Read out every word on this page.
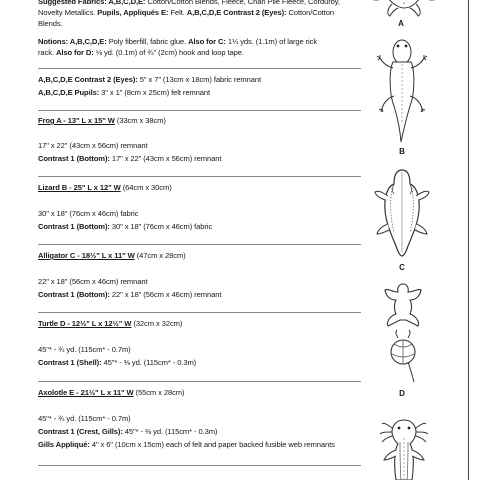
Suggested Fabrics: A,B,C,D,E: Cotton/Cotton Blends, Fleece, Chan Pile Fleece, Corduroy,
Novelty Metallics. Pupils, Appliqués E: Felt. A,B,C,D,E Contrast 2 (Eyes): Cotton/Cotton
Blends.
Notions: A,B,C,D,E: Poly fiberfill, fabric glue. Also for C: 1¼ yds. (1.1m) of large rick
rack. Also for D: ⅛ yd. (0.1m) of ¾" (2cm) hook and loop tape.
A,B,C,D,E Contrast 2 (Eyes): 5" x 7" (13cm x 18cm) fabric remnant
A,B,C,D,E Pupils: 3" x 1" (8cm x 25cm) felt remnant
Frog A - 13" L x 15" W (33cm x 38cm)
17" x 22" (43cm x 56cm) remnant
Contrast 1 (Bottom): 17" x 22" (43cm x 56cm) remnant
Lizard B - 25" L x 12" W (64cm x 30cm)
30" x 18" (76cm x 46cm) fabric
Contrast 1 (Bottom): 30" x 18" (76cm x 46cm) fabric
Alligator C - 18½" L x 11" W (47cm x 28cm)
22" x 18" (56cm x 46cm) remnant
Contrast 1 (Bottom): 22" x 18" (56cm x 46cm) remnant
Turtle D - 12½" L x 12½" W (32cm x 32cm)
45"* - ¾ yd. (115cm* - 0.7m)
Contrast 1 (Shell): 45"* - ⅜ yd. (115cm* - 0.3m)
Axolotle E - 21½" L x 11" W (55cm x 28cm)
45"* - ¾ yd. (115cm* - 0.7m)
Contrast 1 (Crest, Gills): 45"* - ⅜ yd. (115cm* - 0.3m)
Gills Appliqué: 4" x 6" (10cm x 15cm) each of felt and paper backed fusible web remnants
A
B
C
D
